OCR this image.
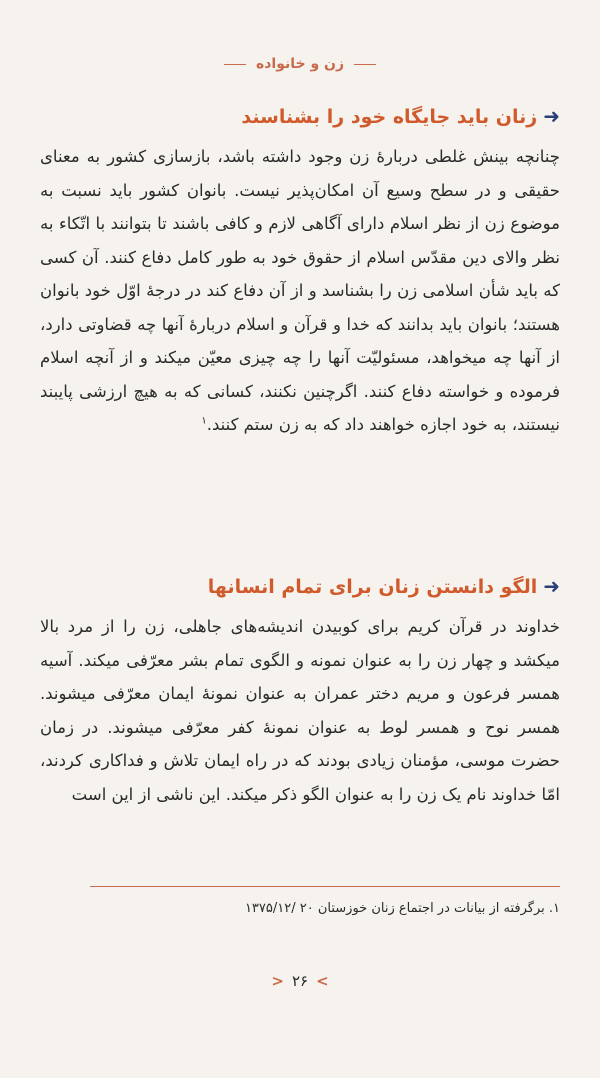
زن و خانواده
➜زنان باید جایگاه خود را بشناسند
چنانچه بینش غلطی دربارهٔ زن وجود داشته باشد، بازسازی کشور به معنای حقیقی و در سطح وسیع آن امکان‌پذیر نیست. بانوان کشور باید نسبت به موضوع زن از نظر اسلام دارای آگاهی لازم و کافی باشند تا بتوانند با اتّکاء به نظر والای دین مقدّس اسلام از حقوق خود به طور کامل دفاع کنند. آن کسی که باید شأن اسلامی زن را بشناسد و از آن دفاع کند در درجهٔ اوّل خود بانوان هستند؛ بانوان باید بدانند که خدا و قرآن و اسلام دربارهٔ آنها چه قضاوتی دارد، از آنها چه میخواهد، مسئولیّت آنها را چه چیزی معیّن میکند و از آنچه اسلام فرموده و خواسته دفاع کنند. اگرچنین نکنند، کسانی که به هیچ ارزشی پایبند نیستند، به خود اجازه خواهند داد که به زن ستم کنند.$^۱$
➜الگو دانستن زنان برای تمام انسانها
خداوند در قرآن کریم برای کوبیدن اندیشه‌های جاهلی، زن را از مرد بالا میکشد و چهار زن را به عنوان نمونه و الگوی تمام بشر معرّفی میکند. آسیه همسر فرعون و مریم دختر عمران به عنوان نمونهٔ ایمان معرّفی میشوند. همسر نوح و همسر لوط به عنوان نمونهٔ کفر معرّفی میشوند. در زمان حضرت موسی، مؤمنان زیادی بودند که در راه ایمان تلاش و فداکاری کردند، امّا خداوند نام یک زن را به عنوان الگو ذکر میکند. این ناشی از این است
۱. برگرفته از بیانات در اجتماع زنان خوزستان ۲۰ /۱۳۷۵/۱۲
>۲۶<
